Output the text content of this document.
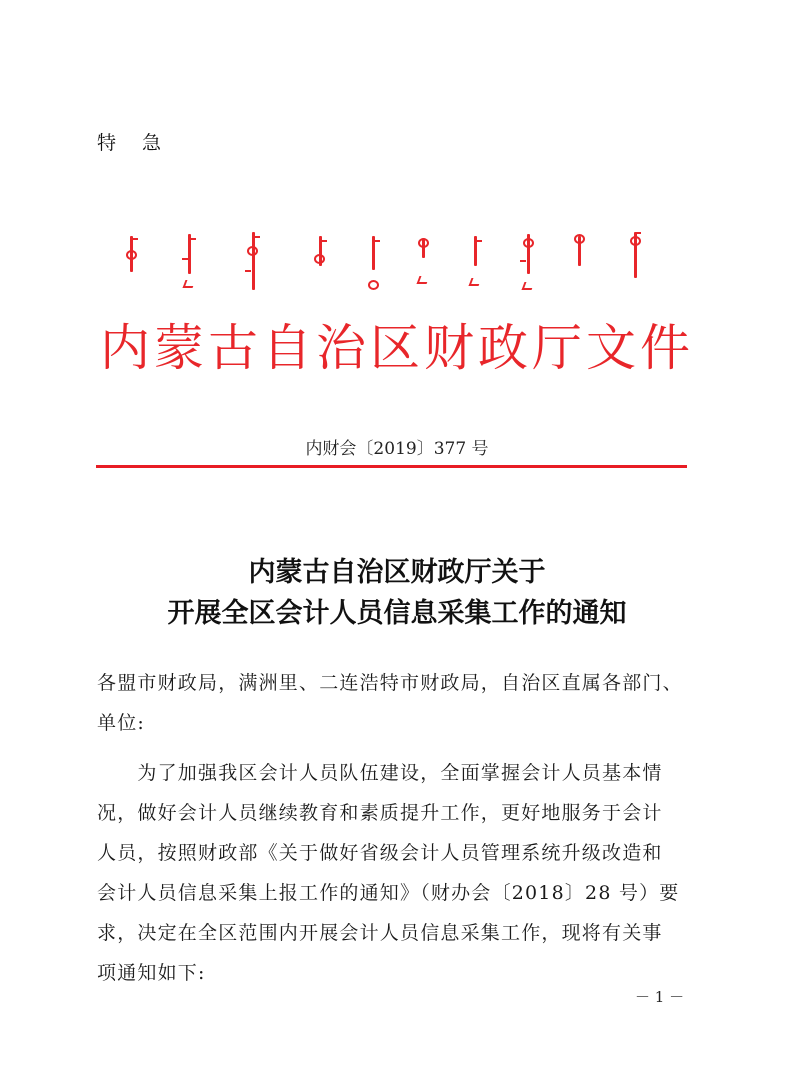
特 急
内蒙古自治区财政厅文件
内财会〔2019〕377 号
内蒙古自治区财政厅关于
开展全区会计人员信息采集工作的通知
各盟市财政局，满洲里、二连浩特市财政局，自治区直属各部门、
单位:
　　为了加强我区会计人员队伍建设，全面掌握会计人员基本情
况，做好会计人员继续教育和素质提升工作，更好地服务于会计
人员，按照财政部《关于做好省级会计人员管理系统升级改造和
会计人员信息采集上报工作的通知》（财办会〔2018〕28 号）要
求，决定在全区范围内开展会计人员信息采集工作，现将有关事
项通知如下:
－ 1 －
